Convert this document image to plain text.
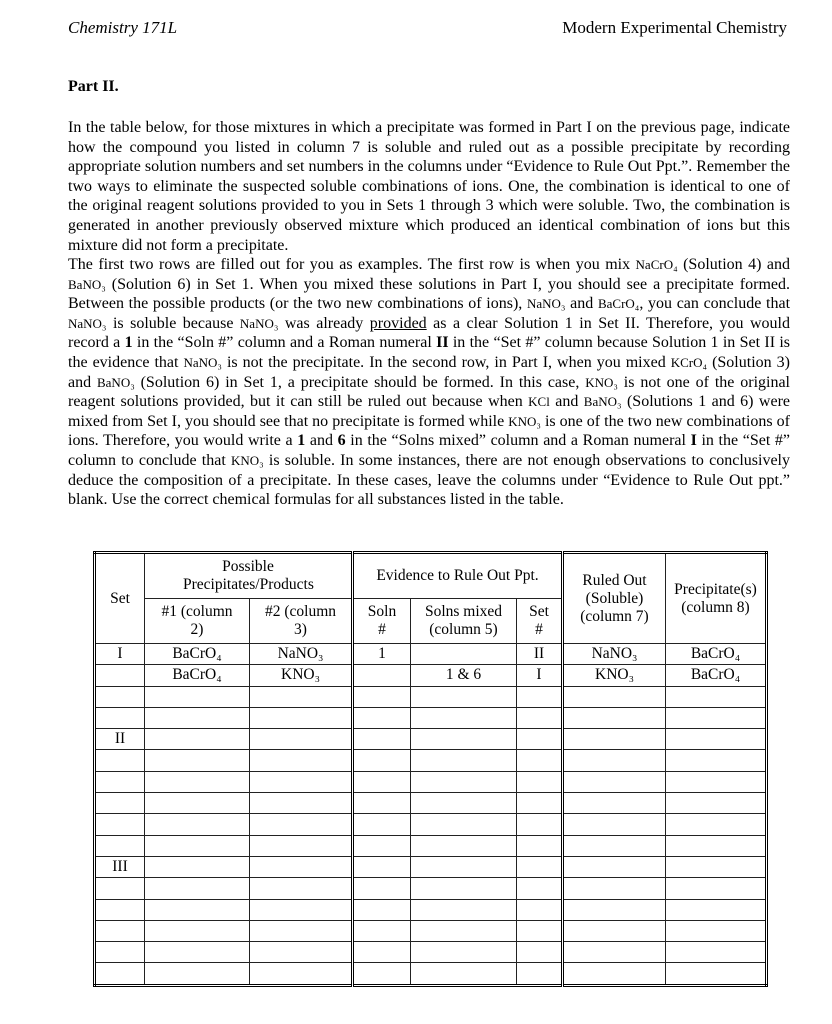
Chemistry 171L	Modern Experimental Chemistry
Part II.
In the table below, for those mixtures in which a precipitate was formed in Part I on the previous page, indicate how the compound you listed in column 7 is soluble and ruled out as a possible precipitate by recording appropriate solution numbers and set numbers in the columns under “Evidence to Rule Out Ppt.”. Remember the two ways to eliminate the suspected soluble combinations of ions. One, the combination is identical to one of the original reagent solutions provided to you in Sets 1 through 3 which were soluble. Two, the combination is generated in another previously observed mixture which produced an identical combination of ions but this mixture did not form a precipitate.
The first two rows are filled out for you as examples. The first row is when you mix NaCrO₄ (Solution 4) and BaNO₃ (Solution 6) in Set 1. When you mixed these solutions in Part I, you should see a precipitate formed. Between the possible products (or the two new combinations of ions), NaNO₃ and BaCrO₄, you can conclude that NaNO₃ is soluble because NaNO₃ was already provided as a clear Solution 1 in Set II. Therefore, you would record a 1 in the “Soln #” column and a Roman numeral II in the “Set #” column because Solution 1 in Set II is the evidence that NaNO₃ is not the precipitate. In the second row, in Part I, when you mixed KCrO₄ (Solution 3) and BaNO₃ (Solution 6) in Set 1, a precipitate should be formed. In this case, KNO₃ is not one of the original reagent solutions provided, but it can still be ruled out because when KCl and BaNO₃ (Solutions 1 and 6) were mixed from Set I, you should see that no precipitate is formed while KNO₃ is one of the two new combinations of ions. Therefore, you would write a 1 and 6 in the “Solns mixed” column and a Roman numeral I in the “Set #” column to conclude that KNO₃ is soluble. In some instances, there are not enough observations to conclusively deduce the composition of a precipitate. In these cases, leave the columns under “Evidence to Rule Out ppt.” blank. Use the correct chemical formulas for all substances listed in the table.
Set	Possible Precipitates/Products		Evidence to Rule Out Ppt.			Ruled Out (Soluble) (column 7)	Precipitate(s) (column 8)
	#1 (column 2)	#2 (column 3)	Soln #	Solns mixed (column 5)	Set #		
I	BaCrO₄	NaNO₃	1		II	NaNO₃	BaCrO₄
	BaCrO₄	KNO₃		1 & 6	I	KNO₃	BaCrO₄

II							

III							
